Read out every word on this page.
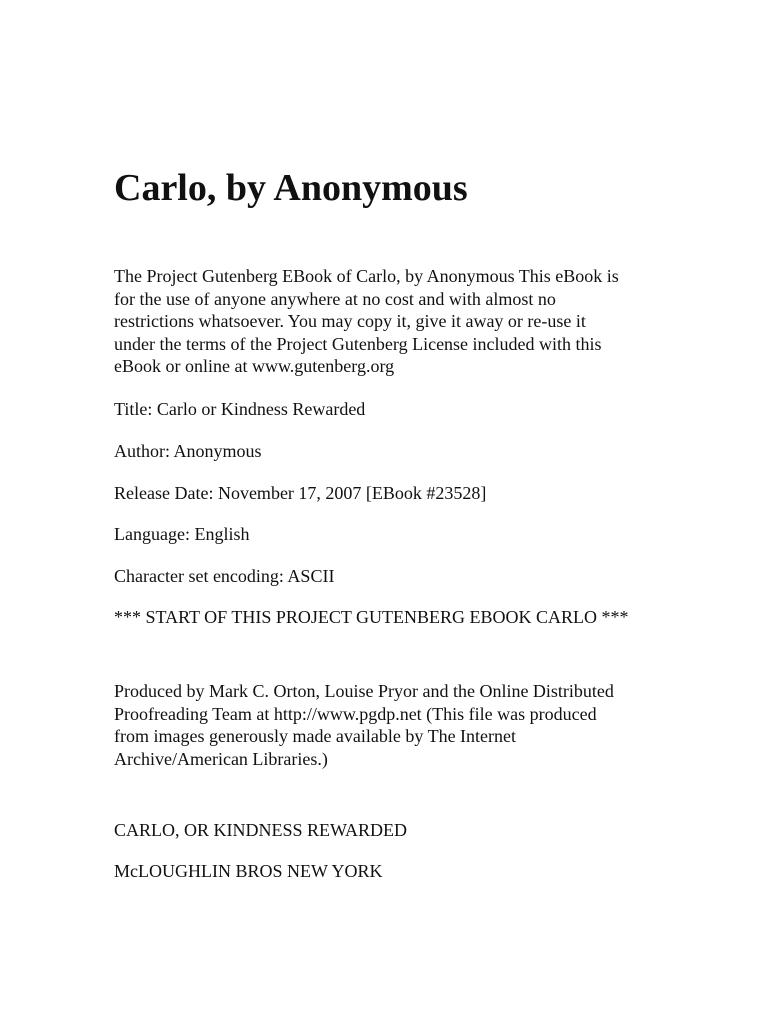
Carlo, by Anonymous

The Project Gutenberg EBook of Carlo, by Anonymous This eBook is
for the use of anyone anywhere at no cost and with almost no
restrictions whatsoever. You may copy it, give it away or re-use it
under the terms of the Project Gutenberg License included with this
eBook or online at www.gutenberg.org

Title: Carlo or Kindness Rewarded

Author: Anonymous

Release Date: November 17, 2007 [EBook #23528]

Language: English

Character set encoding: ASCII

*** START OF THIS PROJECT GUTENBERG EBOOK CARLO ***

Produced by Mark C. Orton, Louise Pryor and the Online Distributed
Proofreading Team at http://www.pgdp.net (This file was produced
from images generously made available by The Internet
Archive/American Libraries.)

CARLO, OR KINDNESS REWARDED

McLOUGHLIN BROS NEW YORK
